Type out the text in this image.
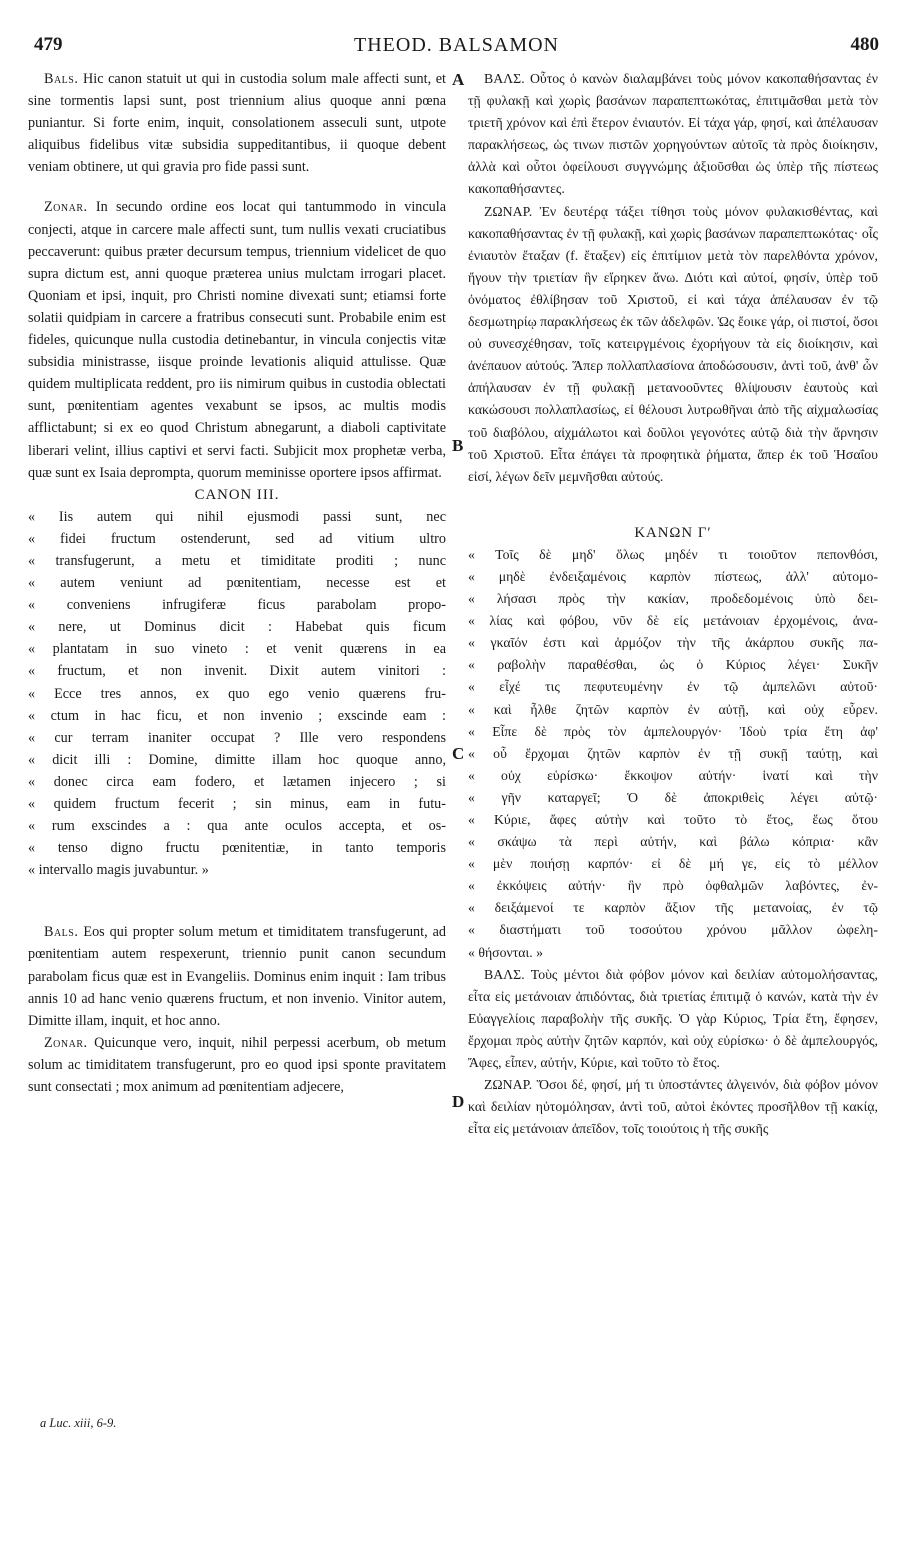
479	THEOD. BALSAMON	480
A
B
C
D

Bals. Hic canon statuit ut qui in custodia solum male affecti sunt, et sine tormentis lapsi sunt, post triennium alius quoque anni pœna puniantur. Si forte enim, inquit, consolationem asseculi sunt, utpote aliquibus fidelibus vitæ subsidia suppeditantibus, ii quoque debent veniam obtinere, ut qui gravia pro fide passi sunt.

Zonar. In secundo ordine eos locat qui tantummodo in vincula conjecti, atque in carcere male affecti sunt, tum nullis vexati cruciatibus peccaverunt: quibus præter decursum tempus, triennium videlicet de quo supra dictum est, anni quoque præterea unius mulctam irrogari placet. Quoniam et ipsi, inquit, pro Christi nomine divexati sunt; etiamsi forte solatii quidpiam in carcere a fratribus consecuti sunt. Probabile enim est fideles, quicunque nulla custodia detinebantur, in vincula conjectis vitæ subsidia ministrasse, iisque proinde levationis aliquid attulisse. Quæ quidem multiplicata reddent, pro iis nimirum quibus in custodia oblectati sunt, pœnitentiam agentes vexabunt se ipsos, ac multis modis afflictabunt; si ex eo quod Christum abnegarunt, a diaboli captivitate liberari velint, illius captivi et servi facti. Subjicit mox prophetæ verba, quæ sunt ex Isaia deprompta, quorum meminisse oportere ipsos affirmat.

CANON III.

« Iis autem qui nihil ejusmodi passi sunt, nec

« fidei fructum ostenderunt, sed ad vitium ultro

« transfugerunt, a metu et timiditate proditi ; nunc

« autem veniunt ad pœnitentiam, necesse est et

« conveniens infrugiferæ ficus parabolam propo-

« nere, ut Dominus dicit : Habebat quis ficum

« plantatam in suo vineto : et venit quærens in ea

« fructum, et non invenit. Dixit autem vinitori :

« Ecce tres annos, ex quo ego venio quærens fru-

« ctum in hac ficu, et non invenio ; exscinde eam :

« cur terram inaniter occupat ? Ille vero respondens

« dicit illi : Domine, dimitte illam hoc quoque anno,

« donec circa eam fodero, et lætamen injecero ; si

« quidem fructum fecerit ; sin minus, eam in futu-

« rum exscindes a : qua ante oculos accepta, et os-

« tenso digno fructu pœnitentiæ, in tanto temporis

« intervallo magis juvabuntur. »

Bals. Eos qui propter solum metum et timiditatem transfugerunt, ad pœnitentiam autem respexerunt, triennio punit canon secundum parabolam ficus quæ est in Evangeliis. Dominus enim inquit : Iam tribus annis 10 ad hanc venio quærens fructum, et non invenio. Vinitor autem, Dimitte illam, inquit, et hoc anno.

Zonar. Quicunque vero, inquit, nihil perpessi acerbum, ob metum solum ac timiditatem transfugerunt, pro eo quod ipsi sponte pravitatem sunt consectati ; mox animum ad pœnitentiam adjecere,

a Luc. xiii, 6-9.

ΒΑΛΣ. Οὗτος ὁ κανὼν διαλαμβάνει τοὺς μόνον κακοπαθήσαντας ἐν τῇ φυλακῇ καὶ χωρὶς βασάνων παραπεπτωκότας, ἐπιτιμᾶσθαι μετὰ τὸν τριετῆ χρόνον καὶ ἐπὶ ἕτερον ἐνιαυτόν. Εἰ τάχα γάρ, φησί, καὶ ἀπέλαυσαν παρακλήσεως, ὡς τινων πιστῶν χορηγούντων αὐτοῖς τὰ πρὸς διοίκησιν, ἀλλὰ καὶ οὗτοι ὀφείλουσι συγγνώμης ἀξιοῦσθαι ὡς ὑπὲρ τῆς πίστεως κακοπαθήσαντες.

ΖΩΝΑΡ. Ἐν δευτέρᾳ τάξει τίθησι τοὺς μόνον φυλακισθέντας, καὶ κακοπαθήσαντας ἐν τῇ φυλακῇ, καὶ χωρὶς βασάνων παραπεπτωκότας· οἷς ἐνιαυτὸν ἔταξαν (f. ἔταξεν) εἰς ἐπιτίμιον μετὰ τὸν παρελθόντα χρόνον, ἤγουν τὴν τριετίαν ἣν εἴρηκεν ἄνω. Διότι καὶ αὐτοί, φησίν, ὑπὲρ τοῦ ὀνόματος ἐθλίβησαν τοῦ Χριστοῦ, εἰ καὶ τάχα ἀπέλαυσαν ἐν τῷ δεσμωτηρίῳ παρακλήσεως ἐκ τῶν ἀδελφῶν. Ὡς ἔοικε γάρ, οἱ πιστοί, ὅσοι οὐ συνεσχέθησαν, τοῖς κατειργμένοις ἐχορήγουν τὰ εἰς διοίκησιν, καὶ ἀνέπαυον αὐτούς. Ἅπερ πολλαπλασίονα ἀποδώσουσιν, ἀντὶ τοῦ, ἀνθ' ὧν ἀπήλαυσαν ἐν τῇ φυλακῇ μετανοοῦντες θλίψουσιν ἑαυτοὺς καὶ κακώσουσι πολλαπλασίως, εἰ θέλουσι λυτρωθῆναι ἀπὸ τῆς αἰχμαλωσίας τοῦ διαβόλου, αἰχμάλωτοι καὶ δοῦλοι γεγονότες αὐτῷ διὰ τὴν ἄρνησιν τοῦ Χριστοῦ. Εἶτα ἐπάγει τὰ προφητικὰ ῥήματα, ἅπερ ἐκ τοῦ Ἡσαΐου εἰσί, λέγων δεῖν μεμνῆσθαι αὐτούς.

ΚΑΝΩΝ Γʹ

« Τοῖς δὲ μηδ' ὅλως μηδέν τι τοιοῦτον πεπονθόσι,

« μηδὲ ἐνδειξαμένοις καρπὸν πίστεως, ἀλλ' αὐτομο-

« λήσασι πρὸς τὴν κακίαν, προδεδομένοις ὑπὸ δει-

« λίας καὶ φόβου, νῦν δὲ εἰς μετάνοιαν ἐρχομένοις, ἀνα-

« γκαῖόν ἐστι καὶ ἁρμόζον τὴν τῆς ἀκάρπου συκῆς πα-

« ραβολὴν παραθέσθαι, ὡς ὁ Κύριος λέγει· Συκῆν

« εἶχέ τις πεφυτευμένην ἐν τῷ ἀμπελῶνι αὐτοῦ·

« καὶ ἦλθε ζητῶν καρπὸν ἐν αὐτῇ, καὶ οὐχ εὗρεν.

« Εἶπε δὲ πρὸς τὸν ἀμπελουργόν· Ἰδοὺ τρία ἔτη ἀφ'

« οὗ ἔρχομαι ζητῶν καρπὸν ἐν τῇ συκῇ ταύτῃ, καὶ

« οὐχ εὑρίσκω· ἔκκοψον αὐτήν· ἱνατί καὶ τὴν

« γῆν καταργεῖ; Ὁ δὲ ἀποκριθεὶς λέγει αὐτῷ·

« Κύριε, ἄφες αὐτὴν καὶ τοῦτο τὸ ἔτος, ἕως ὅτου

« σκάψω τὰ περὶ αὐτήν, καὶ βάλω κόπρια· κἂν

« μὲν ποιήσῃ καρπόν· εἰ δὲ μή γε, εἰς τὸ μέλλον

« ἐκκόψεις αὐτήν· ἣν πρὸ ὀφθαλμῶν λαβόντες, ἐν-

« δειξάμενοί τε καρπὸν ἄξιον τῆς μετανοίας, ἐν τῷ

« διαστήματι τοῦ τοσούτου χρόνου μᾶλλον ὠφελη-

« θήσονται. »

ΒΑΛΣ. Τοὺς μέντοι διὰ φόβον μόνον καὶ δειλίαν αὐτομολήσαντας, εἶτα εἰς μετάνοιαν ἀπιδόντας, διὰ τριετίας ἐπιτιμᾷ ὁ κανών, κατὰ τὴν ἐν Εὐαγγελίοις παραβολὴν τῆς συκῆς. Ὁ γὰρ Κύριος, Τρία ἔτη, ἔφησεν, ἔρχομαι πρὸς αὐτὴν ζητῶν καρπόν, καὶ οὐχ εὑρίσκω· ὁ δὲ ἀμπελουργός, Ἄφες, εἶπεν, αὐτήν, Κύριε, καὶ τοῦτο τὸ ἔτος.

ΖΩΝΑΡ. Ὅσοι δέ, φησί, μή τι ὑποστάντες ἀλγεινόν, διὰ φόβον μόνον καὶ δειλίαν ηὐτομόλησαν, ἀντὶ τοῦ, αὐτοὶ ἑκόντες προσῆλθον τῇ κακίᾳ, εἶτα εἰς μετάνοιαν ἀπεῖδον, τοῖς τοιούτοις ἡ τῆς συκῆς
